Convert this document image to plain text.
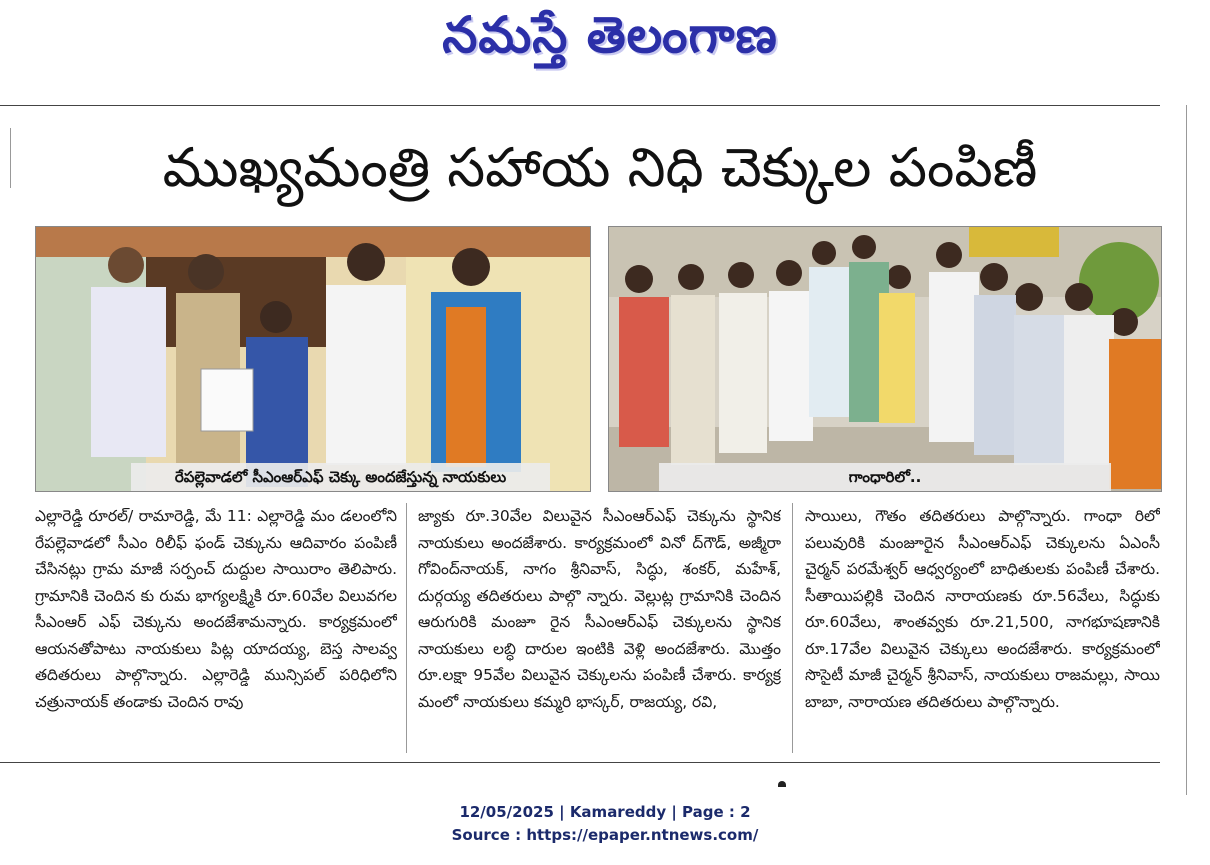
నమస్తే తెలంగాణ
ముఖ్యమంత్రి సహాయ నిధి చెక్కుల పంపిణీ
రేపల్లెవాడలో సీఎంఆర్ఎఫ్ చెక్కు అందజేస్తున్న నాయకులు	గాంధారిలో..

ఎల్లారెడ్డి రూరల్/ రామారెడ్డి, మే 11: ఎల్లారెడ్డి మం డలంలోని రేపల్లెవాడలో సీఎం రిలీఫ్ ఫండ్ చెక్కును ఆదివారం పంపిణీ చేసినట్లు గ్రామ మాజీ సర్పంచ్ దుద్దుల సాయిరాం తెలిపారు. గ్రామానికి చెందిన కు రుమ భాగ్యలక్ష్మికి రూ.60వేల విలువగల సీఎంఆర్ ఎఫ్ చెక్కును అందజేశామన్నారు. కార్యక్రమంలో ఆయనతోపాటు నాయకులు పిట్ల యాదయ్య, బెస్త సాలవ్వ తదితరులు పాల్గొన్నారు. ఎల్లారెడ్డి మున్సిపల్ పరిధిలోని చత్రునాయక్ తండాకు చెందిన రావు

జ్యాకు రూ.30వేల విలువైన సీఎంఆర్ఎఫ్ చెక్కును స్థానిక నాయకులు అందజేశారు. కార్యక్రమంలో వినో ద్‌గౌడ్, అజ్మీరా గోవింద్‌నాయక్, నాగం శ్రీనివాస్, సిద్ధు, శంకర్, మహేశ్, దుర్గయ్య తదితరులు పాల్గొ న్నారు. వెల్లుట్ల గ్రామానికి చెందిన ఆరుగురికి మంజూ రైన సీఎంఆర్ఎఫ్ చెక్కులను స్థానిక నాయకులు లబ్ధి దారుల ఇంటికి వెళ్లి అందజేశారు. మొత్తం రూ.లక్షా 95వేల విలువైన చెక్కులను పంపిణీ చేశారు. కార్యక్ర మంలో నాయకులు కమ్మరి భాస్కర్, రాజయ్య, రవి,

సాయిలు, గౌతం తదితరులు పాల్గొన్నారు. గాంధా రిలో పలువురికి మంజూరైన సీఎంఆర్ఎఫ్ చెక్కులను ఏఎంసీ చైర్మన్ పరమేశ్వర్ ఆధ్వర్యంలో బాధితులకు పంపిణీ చేశారు. సీతాయిపల్లికి చెందిన నారాయణకు రూ.56వేలు, సిద్ధుకు రూ.60వేలు, శాంతవ్వకు రూ.21,500, నాగభూషణానికి రూ.17వేల విలువైన చెక్కులు అందజేశారు. కార్యక్రమంలో సొసైటీ మాజీ చైర్మన్ శ్రీనివాస్, నాయకులు రాజమల్లు, సాయి బాబా, నారాయణ తదితరులు పాల్గొన్నారు.

12/05/2025 | Kamareddy | Page : 2
Source : https://epaper.ntnews.com/
